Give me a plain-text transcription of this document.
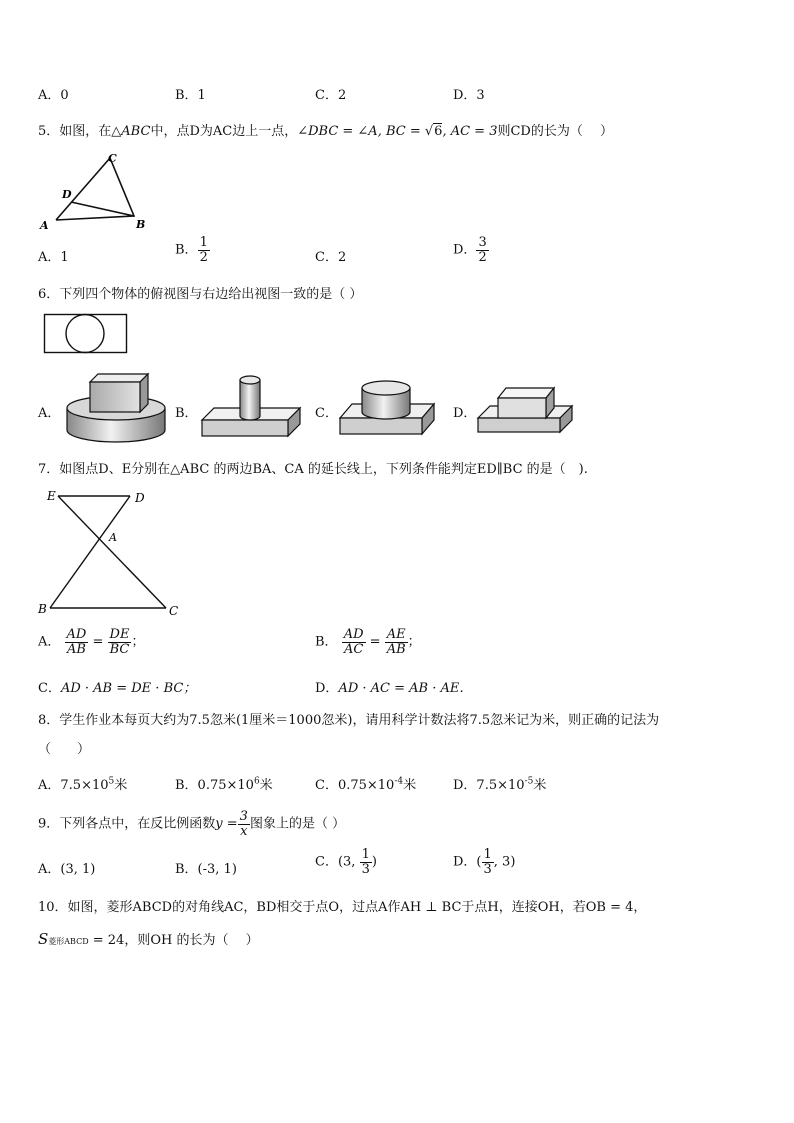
A．0	B．1	C．2	D．3
5．如图，在△ABC中，点D为AC边上一点，∠DBC = ∠A, BC = √6, AC = 3则CD的长为（　 ）
C
D
A	B
A．1	B． $\frac{1}{2}$	C．2	D． $\frac{3}{2}$
6．下列四个物体的俯视图与右边给出视图一致的是（ ）
A．	B．	C．	D．
7．如图点D、E分别在△ABC 的两边BA、CA 的延长线上，下列条件能判定ED∥BC 的是（　).
E	D
A
B	C
A． $\frac{AD}{AB} = \frac{DE}{BC}$ ；	B． $\frac{AD}{AC} = \frac{AE}{AB}$ ；
C．AD · AB = DE · BC；	D．AD · AC = AB · AE．
8．学生作业本每页大约为7.5忽米(1厘米＝1000忽米)，请用科学计数法将7.5忽米记为米，则正确的记法为
（　　）
A．$7.5\times 10^5$米	B．$0.75\times 10^6$米	C．$0.75\times 10^{-4}$米	D．$7.5\times 10^{-5}$米
9．下列各点中，在反比例函数$y = \frac{3}{x}$ 图象上的是（ ）
A．(3, 1)	B．(-3, 1)	C．(3, $\frac{1}{3}$ )	D．( $\frac{1}{3}$ , 3)
10．如图，菱形ABCD的对角线AC，BD相交于点O，过点A作AH ⊥ BC于点H，连接OH，若OB = 4，
S菱形ABCD = 24，则OH 的长为（　 ）
